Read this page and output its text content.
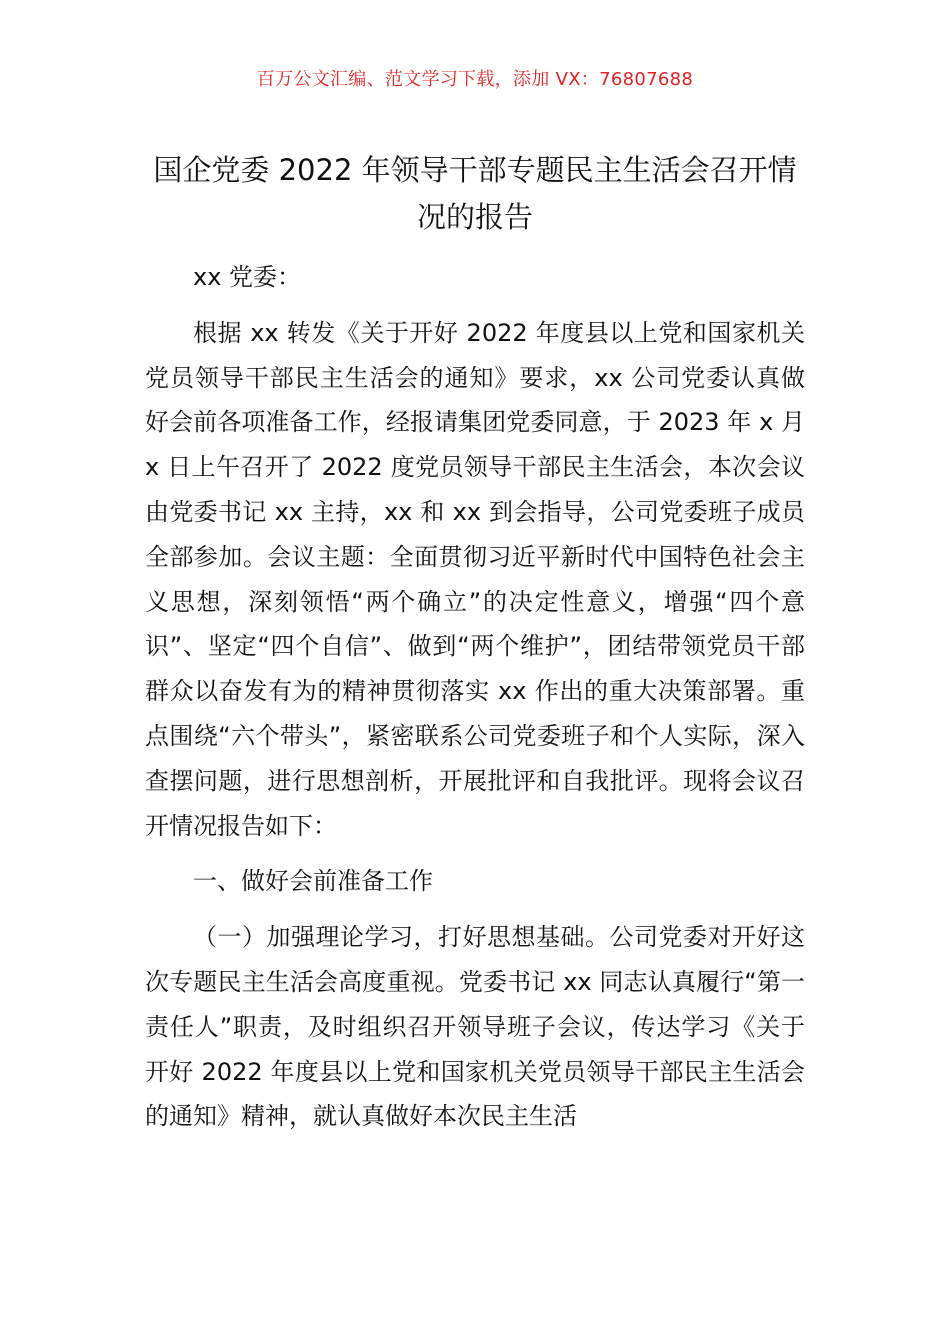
百万公文汇编、范文学习下载，添加 VX：76807688
国企党委 2022 年领导干部专题民主生活会召开情况的报告

xx 党委：

根据 xx 转发《关于开好 2022 年度县以上党和国家机关党员领导干部民主生活会的通知》要求，xx 公司党委认真做好会前各项准备工作，经报请集团党委同意，于 2023 年 x 月 x 日上午召开了 2022 度党员领导干部民主生活会，本次会议由党委书记 xx 主持，xx 和 xx 到会指导，公司党委班子成员全部参加。会议主题：全面贯彻习近平新时代中国特色社会主义思想，深刻领悟“两个确立”的决定性意义，增强“四个意识”、坚定“四个自信”、做到“两个维护”，团结带领党员干部群众以奋发有为的精神贯彻落实 xx 作出的重大决策部署。重点围绕“六个带头”，紧密联系公司党委班子和个人实际，深入查摆问题，进行思想剖析，开展批评和自我批评。现将会议召开情况报告如下：

一、做好会前准备工作

（一）加强理论学习，打好思想基础。公司党委对开好这次专题民主生活会高度重视。党委书记 xx 同志认真履行“第一责任人”职责，及时组织召开领导班子会议，传达学习《关于开好 2022 年度县以上党和国家机关党员领导干部民主生活会的通知》精神，就认真做好本次民主生活
